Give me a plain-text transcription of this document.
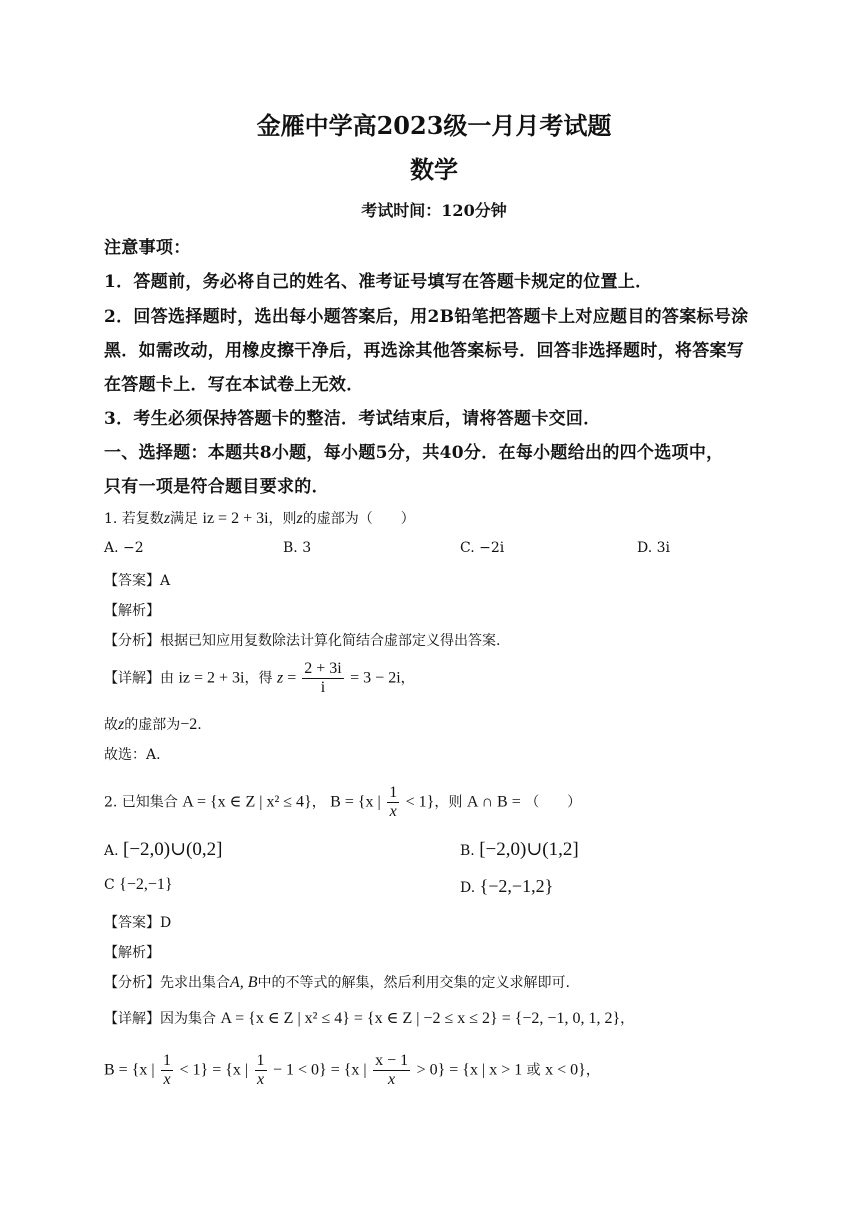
金雁中学高2023级一月月考试题
数学
考试时间：120分钟
注意事项：
1．答题前，务必将自己的姓名、准考证号填写在答题卡规定的位置上．
2．回答选择题时，选出每小题答案后，用2B铅笔把答题卡上对应题目的答案标号涂
黑．如需改动，用橡皮擦干净后，再选涂其他答案标号．回答非选择题时，将答案写
在答题卡上．写在本试卷上无效．
3．考生必须保持答题卡的整洁．考试结束后，请将答题卡交回．
一、选择题：本题共8小题，每小题5分，共40分．在每小题给出的四个选项中，
只有一项是符合题目要求的．
1. 若复数z满足 iz = 2 + 3i，则z的虚部为（　　）
A. −2	B. 3	C. −2i	D. 3i
【答案】A
【解析】
【分析】根据已知应用复数除法计算化简结合虚部定义得出答案.
【详解】由 iz = 2 + 3i，得 $z = \frac{2 + 3i}{i} = 3 - 2i$，
故z的虚部为−2.
故选：A.
2. 已知集合 A = {x ∈ Z | x² ≤ 4}， B = {x | $\frac{1}{x} < 1$}，则 A ∩ B = （　　）
A. [−2,0)∪(0,2]	B. [−2,0)∪(1,2]
C {−2,−1}	D. {−2,−1,2}
【答案】D
【解析】
【分析】先求出集合A, B中的不等式的解集，然后利用交集的定义求解即可.
【详解】因为集合 A = {x ∈ Z | x² ≤ 4} = {x ∈ Z | −2 ≤ x ≤ 2} = {−2, −1, 0, 1, 2}，
B = {x | $\frac{1}{x} < 1\} = \{x$ | $\frac{1}{x} - 1 < 0\} = \{x$ | $\frac{x - 1}{x} > 0\} = \{x$ | x > 1 或 x < 0}，
